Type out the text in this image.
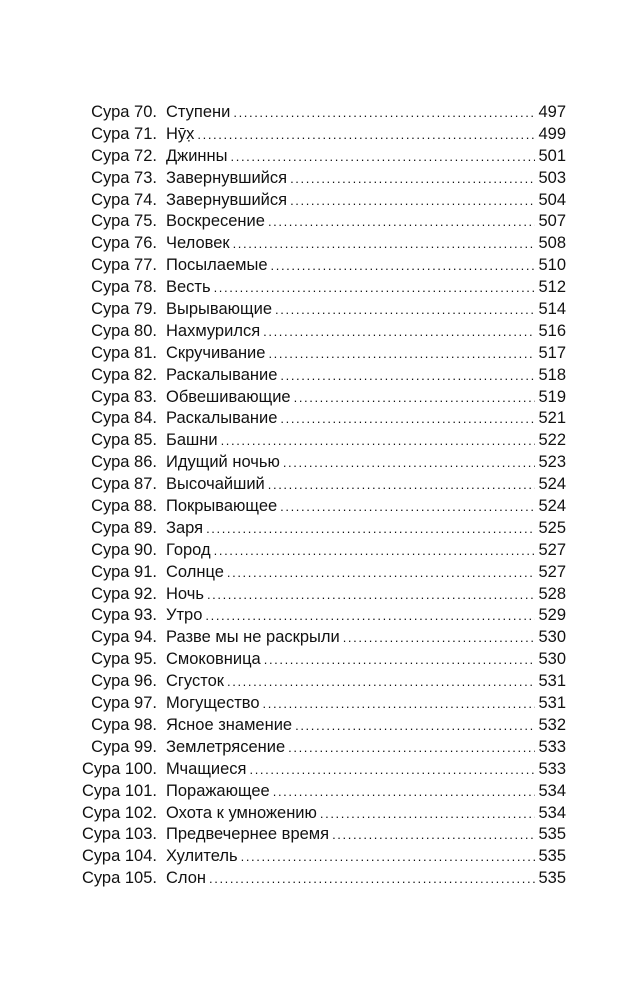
Сура 70. Ступени .....	497
Сура 71. Нӯх̣ .....	499
Сура 72. Джинны .....	501
Сура 73. Завернувшийся .....	503
Сура 74. Завернувшийся .....	504
Сура 75. Воскресение .....	507
Сура 76. Человек .....	508
Сура 77. Посылаемые .....	510
Сура 78. Весть .....	512
Сура 79. Вырывающие .....	514
Сура 80. Нахмурился .....	516
Сура 81. Скручивание .....	517
Сура 82. Раскалывание .....	518
Сура 83. Обвешивающие .....	519
Сура 84. Раскалывание .....	521
Сура 85. Башни .....	522
Сура 86. Идущий ночью .....	523
Сура 87. Высочайший .....	524
Сура 88. Покрывающее .....	524
Сура 89. Заря .....	525
Сура 90. Город .....	527
Сура 91. Солнце .....	527
Сура 92. Ночь .....	528
Сура 93. Утро .....	529
Сура 94. Разве мы не раскрыли .....	530
Сура 95. Смоковница .....	530
Сура 96. Сгусток .....	531
Сура 97. Могущество .....	531
Сура 98. Ясное знамение .....	532
Сура 99. Землетрясение .....	533
Сура 100. Мчащиеся .....	533
Сура 101. Поражающее .....	534
Сура 102. Охота к умножению .....	534
Сура 103. Предвечернее время .....	535
Сура 104. Хулитель .....	535
Сура 105. Слон .....	535
